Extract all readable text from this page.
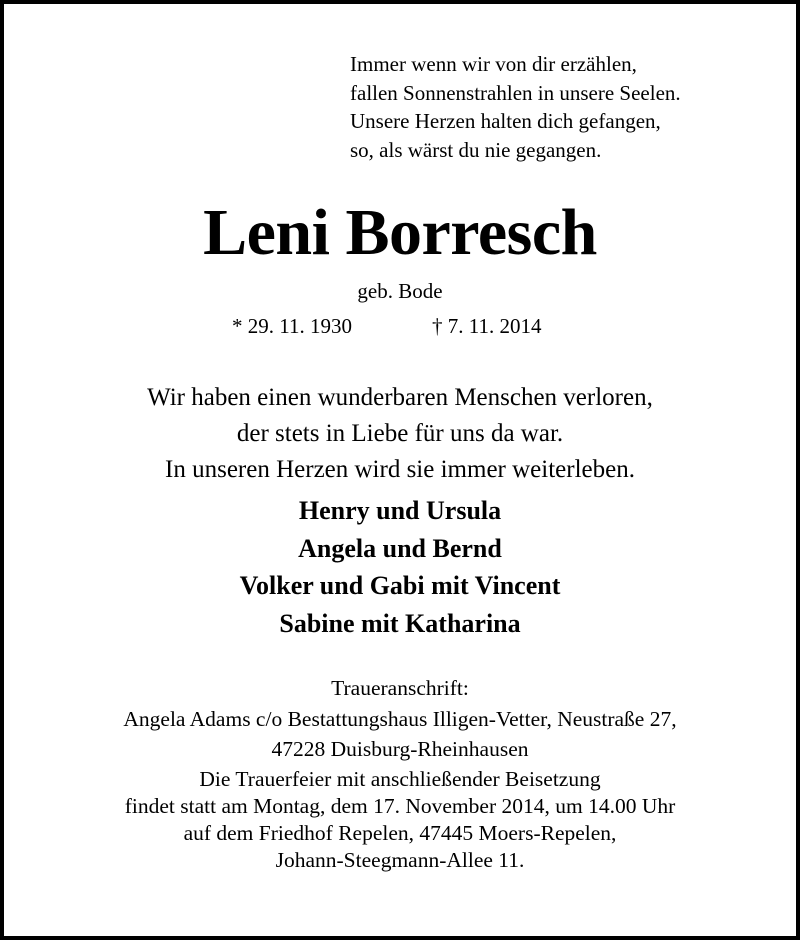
Immer wenn wir von dir erzählen,
fallen Sonnenstrahlen in unsere Seelen.
Unsere Herzen halten dich gefangen,
so, als wärst du nie gegangen.
Leni Borresch
geb. Bode
* 29. 11. 1930	† 7. 11. 2014
Wir haben einen wunderbaren Menschen verloren,
der stets in Liebe für uns da war.
In unseren Herzen wird sie immer weiterleben.
Henry und Ursula
Angela und Bernd
Volker und Gabi mit Vincent
Sabine mit Katharina
Traueranschrift:
Angela Adams c/o Bestattungshaus Illigen-Vetter, Neustraße 27,
47228 Duisburg-Rheinhausen
Die Trauerfeier mit anschließender Beisetzung
findet statt am Montag, dem 17. November 2014, um 14.00 Uhr
auf dem Friedhof Repelen, 47445 Moers-Repelen,
Johann-Steegmann-Allee 11.
